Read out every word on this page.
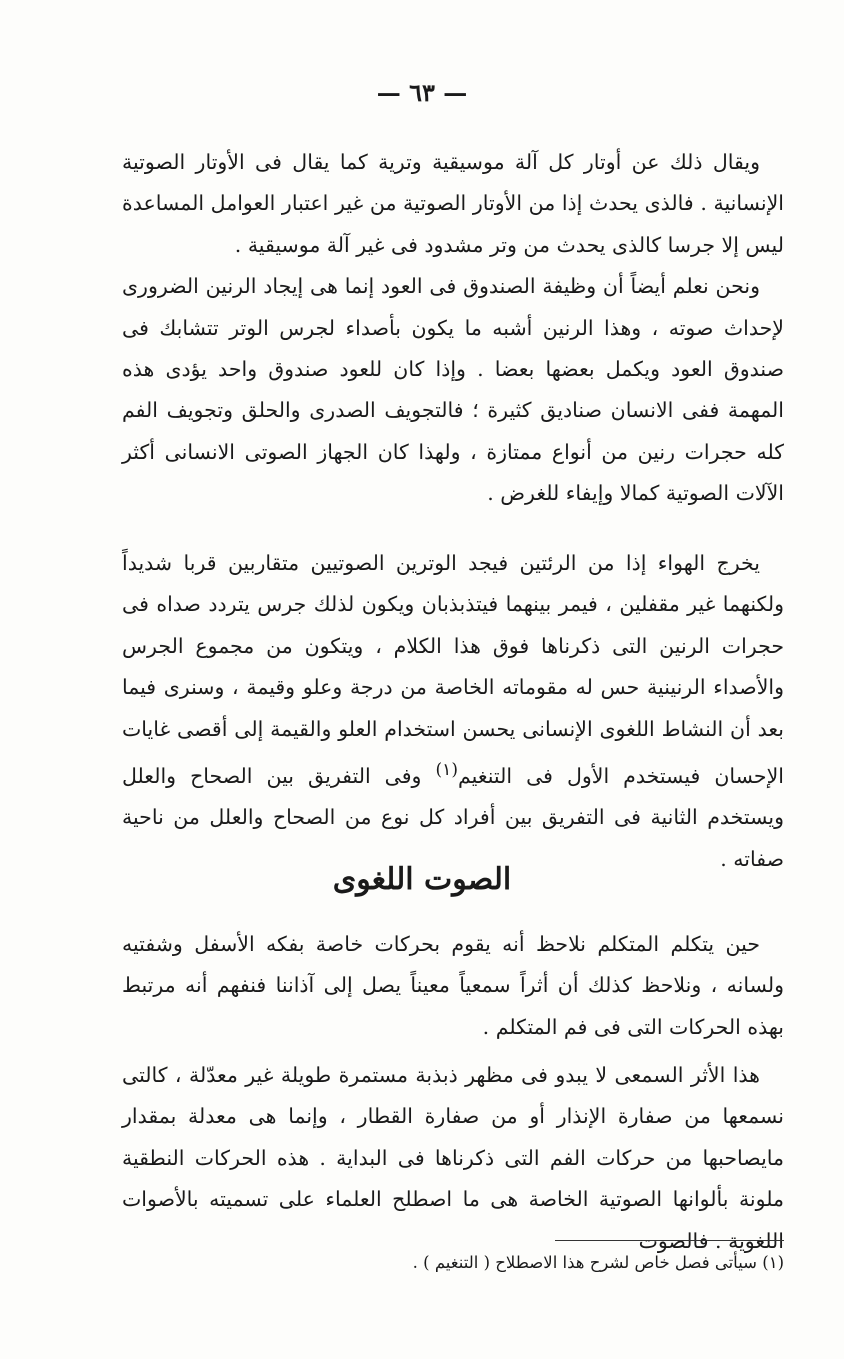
— ٦٣ —

ويقال ذلك عن أوتار كل آلة موسيقية وترية كما يقال فى الأوتار الصوتية الإنسانية . فالذى يحدث إذا من الأوتار الصوتية من غير اعتبار العوامل المساعدة ليس إلا جرسا كالذى يحدث من وتر مشدود فى غير آلة موسيقية .

ونحن نعلم أيضاً أن وظيفة الصندوق فى العود إنما هى إيجاد الرنين الضرورى لإحداث صوته ، وهذا الرنين أشبه ما يكون بأصداء لجرس الوتر تتشابك فى صندوق العود ويكمل بعضها بعضا . وإذا كان للعود صندوق واحد يؤدى هذه المهمة ففى الانسان صناديق كثيرة ؛ فالتجويف الصدرى والحلق وتجويف الفم كله حجرات رنين من أنواع ممتازة ، ولهذا كان الجهاز الصوتى الانسانى أكثر الآلات الصوتية كمالا وإيفاء للغرض .

يخرج الهواء إذا من الرئتين فيجد الوترين الصوتيين متقاربين قربا شديداً ولكنهما غير مقفلين ، فيمر بينهما فيتذبذبان ويكون لذلك جرس يتردد صداه فى حجرات الرنين التى ذكرناها فوق هذا الكلام ، ويتكون من مجموع الجرس والأصداء الرنينية حس له مقوماته الخاصة من درجة وعلو وقيمة ، وسنرى فيما بعد أن النشاط اللغوى الإنسانى يحسن استخدام العلو والقيمة إلى أقصى غايات الإحسان فيستخدم الأول فى التنغيم$^{(١)}$ وفى التفريق بين الصحاح والعلل ويستخدم الثانية فى التفريق بين أفراد كل نوع من الصحاح والعلل من ناحية صفاته .

الصوت اللغوى

حين يتكلم المتكلم نلاحظ أنه يقوم بحركات خاصة بفكه الأسفل وشفتيه ولسانه ، ونلاحظ كذلك أن أثراً سمعياً معيناً يصل إلى آذاننا فنفهم أنه مرتبط بهذه الحركات التى فى فم المتكلم .

هذا الأثر السمعى لا يبدو فى مظهر ذبذبة مستمرة طويلة غير معدّلة ، كالتى نسمعها من صفارة الإنذار أو من صفارة القطار ، وإنما هى معدلة بمقدار مايصاحبها من حركات الفم التى ذكرناها فى البداية . هذه الحركات النطقية ملونة بألوانها الصوتية الخاصة هى ما اصطلح العلماء على تسميته بالأصوات اللغوية . فالصوت

(١) سيأتى فصل خاص لشرح هذا الاصطلاح ( التنغيم ) .
